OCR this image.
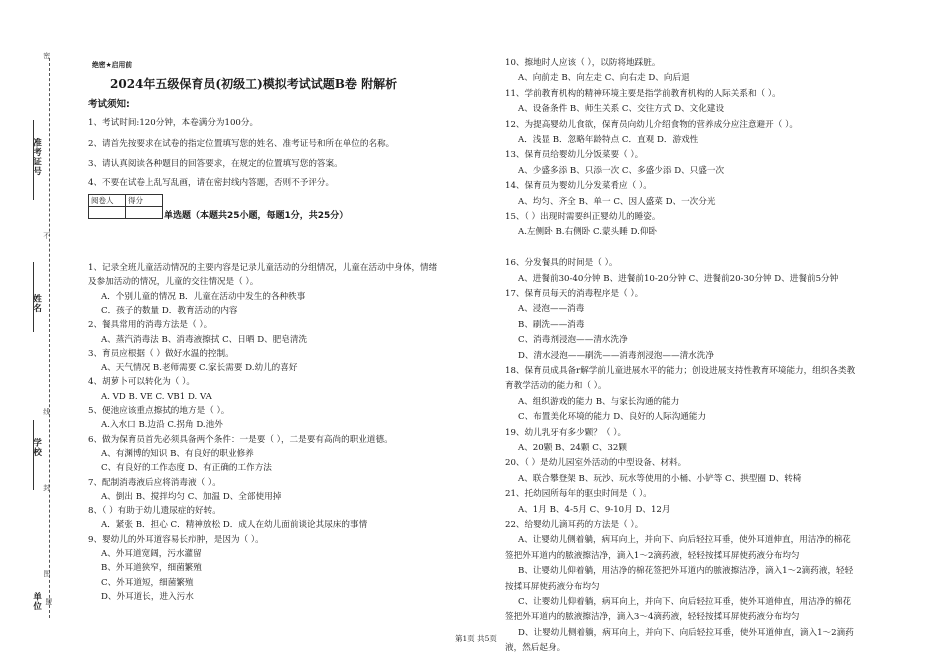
密
准考证号
不
姓名
线
学校
封
图
单位 盟
绝密★启用前
2024年五级保育员(初级工)模拟考试试题B卷 附解析
考试须知:
1、考试时间:120分钟，本卷满分为100分。
2、请首先按要求在试卷的指定位置填写您的姓名、准考证号和所在单位的名称。
3、请认真阅读各种题目的回答要求，在规定的位置填写您的答案。
4、不要在试卷上乱写乱画，请在密封线内答题，否则不予评分。
阅卷人	得分

单选题（本题共25小题，每题1分，共25分）
1、记录全班儿童活动情况的主要内容是记录儿童活动的分组情况，儿童在活动中身体，情绪
及参加活动的情况，儿童的交往情况是（ ）。
A．个别儿童的情况 B．儿童在活动中发生的各种秩事
C．孩子的数量 D．教育活动的内容
2、餐具常用的消毒方法是（ ）。
A、蒸汽消毒法 B、消毒液擦拭 C、日晒 D、肥皂清洗
3、育员应根据（ ）做好水温的控制。
A、天气情况 B.老师需要 C.家长需要 D.幼儿的喜好
4、胡萝卜可以转化为（ ）。
A. VD B. VE C. VB1 D. VA
5、便池应该重点擦拭的地方是（ ）。
A.入水口 B.边沿 C.拐角 D.池外
6、做为保育员首先必须具备两个条件：一是要（ ），二是要有高尚的职业道德。
A、有渊博的知识 B、有良好的职业修养
C、有良好的工作态度 D、有正确的工作方法
7、配制消毒液后应将消毒液（ ）。
A、倒出 B、搅拌均匀 C、加温 D、全部使用掉
8、（ ）有助于幼儿遗尿症的好转。
A．紧张 B．担心 C．精神放松 D．成人在幼儿面前谈论其尿床的事情
9、婴幼儿的外耳道容易长疖肿，是因为（ ）。
A、外耳道宽阔，污水灌留
B、外耳道狭窄，细菌繁殖
C、外耳道短，细菌繁殖
D、外耳道长，进入污水
10、擦地时人应该（ ），以防将地踩脏。
A、向前走 B、向左走 C、向右走 D、向后退
11、学前教育机构的精神环境主要是指学前教育机构的人际关系和（ ）。
A、设备条件 B、师生关系 C、交往方式 D、文化建设
12、为提高婴幼儿食欲，保育员向幼儿介绍食物的营养成分应注意避开（ ）。
A．浅显 B．忽略年龄特点 C．直观 D．游戏性
13、保育员给婴幼儿分饭菜要（ ）。
A、少盛多添 B、只添一次 C、多盛少添 D、只盛一次
14、保育员为婴幼儿分发菜肴应（ ）。
A、均匀、齐全 B、单一 C、因人盛菜 D、一次分光
15、（ ）出现时需要纠正婴幼儿的睡姿。
A.左侧卧 B.右侧卧 C.蒙头睡 D.仰卧
16、分发餐具的时间是（ ）。
A、进餐前30-40分钟 B、进餐前10-20分钟 C、进餐前20-30分钟 D、进餐前5分钟
17、保育员每天的消毒程序是（ ）。
A、浸泡——消毒
B、刷洗——消毒
C、消毒剂浸泡——清水洗净
D、清水浸泡——刷洗——消毒剂浸泡——清水洗净
18、保育员成具备r解学前儿童进展水平的能力；创设进展支持性教育环境能力，组织各类教
育教学活动的能力和（ ）。
A、组织游戏的能力 B、与家长沟通的能力
C、布置美化环境的能力 D、良好的人际沟通能力
19、幼儿乳牙有多少颗？（ ）。
A、20颗 B、24颗 C、32颗
20、（ ）是幼儿园室外活动的中型设备、材料。
A、联合攀登架 B、玩沙、玩水等使用的小桶、小铲等 C、拱型圈 D、转椅
21、托幼园所每年的驱虫时间是（ ）。
A、1月 B、4-5月 C、9-10月 D、12月
22、给婴幼儿滴耳药的方法是（ ）。
A、让婴幼儿侧着躺，病耳向上，并向下、向后轻拉耳垂，使外耳道伸直，用洁净的棉花
签把外耳道内的脓液擦洁净，滴入1～2滴药液，轻轻按揉耳屏使药液分布均匀
B、让婴幼儿仰着躺，用洁净的棉花签把外耳道内的脓液擦洁净，滴入1～2滴药液，轻轻
按揉耳屏使药液分布均匀
C、让婴幼儿仰着躺，病耳向上，并向下、向后轻拉耳垂，使外耳道伸直，用洁净的棉花
签把外耳道内的脓液擦洁净，滴入3～4滴药液，轻轻按揉耳屏使药液分布均匀
D、让婴幼儿侧着躺，病耳向上，并向下、向后轻拉耳垂，使外耳道伸直，滴入1～2滴药
液，然后起身。
第1页 共5页
